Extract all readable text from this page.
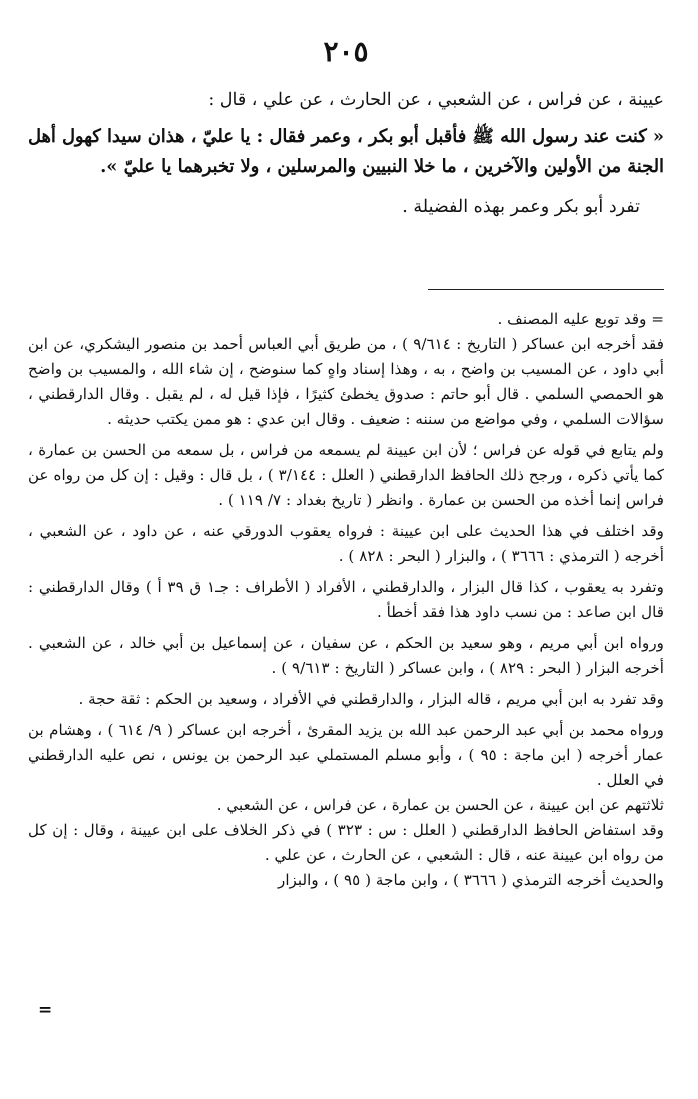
٢٠٥

عيينة ، عن فراس ، عن الشعبي ، عن الحارث ، عن علي ، قال :

« كنت عند رسول الله ﷺ فأقبل أبو بكر ، وعمر فقال : يا عليّ ، هذان سيدا كهول أهل الجنة من الأولين والآخرين ، ما خلا النبيين والمرسلين ، ولا تخبرهما يا عليّ ».

تفرد أبو بكر وعمر بهذه الفضيلة .

= وقد توبع عليه المصنف .

فقد أخرجه ابن عساكر ( التاريخ : ٩/٦١٤ ) ، من طريق أبي العباس أحمد بن منصور اليشكري، عن ابن أبي داود ، عن المسيب بن واضح ، به ، وهذا إسناد واهٍ كما سنوضح ، إن شاء الله ، والمسيب بن واضح هو الحمصي السلمي . قال أبو حاتم : صدوق يخطئ كثيرًا ، فإذا قيل له ، لم يقبل . وقال الدارقطني ، سؤالات السلمي ، وفي مواضع من سننه : ضعيف . وقال ابن عدي : هو ممن يكتب حديثه .

ولم يتابع في قوله عن فراس ؛ لأن ابن عيينة لم يسمعه من فراس ، بل سمعه من الحسن بن عمارة ، كما يأتي ذكره ، ورجح ذلك الحافظ الدارقطني ( العلل : ٣/١٤٤ ) ، بل قال : وقيل : إن كل من رواه عن فراس إنما أخذه من الحسن بن عمارة . وانظر ( تاريخ بغداد : ٧/ ١١٩ ) .

وقد اختلف في هذا الحديث على ابن عيينة : فرواه يعقوب الدورقي عنه ، عن داود ، عن الشعبي ، أخرجه ( الترمذي : ٣٦٦٦ ) ، والبزار ( البحر : ٨٢٨ ) .

وتفرد به يعقوب ، كذا قال البزار ، والدارقطني ، الأفراد ( الأطراف : جـ١ ق ٣٩ أ ) وقال الدارقطني : قال ابن صاعد : من نسب داود هذا فقد أخطأ .

ورواه ابن أبي مريم ، وهو سعيد بن الحكم ، عن سفيان ، عن إسماعيل بن أبي خالد ، عن الشعبي . أخرجه البزار ( البحر : ٨٢٩ ) ، وابن عساكر ( التاريخ : ٩/٦١٣ ) .

وقد تفرد به ابن أبي مريم ، قاله البزار ، والدارقطني في الأفراد ، وسعيد بن الحكم : ثقة حجة .

ورواه محمد بن أبي عبد الرحمن عبد الله بن يزيد المقرئ ، أخرجه ابن عساكر ( ٩/ ٦١٤ ) ، وهشام بن عمار أخرجه ( ابن ماجة : ٩٥ ) ، وأبو مسلم المستملي عبد الرحمن بن يونس ، نص عليه الدارقطني في العلل .

ثلاثتهم عن ابن عيينة ، عن الحسن بن عمارة ، عن فراس ، عن الشعبي .

وقد استفاض الحافظ الدارقطني ( العلل : س : ٣٢٣ ) في ذكر الخلاف على ابن عيينة ، وقال : إن كل من رواه ابن عيينة عنه ، قال : الشعبي ، عن الحارث ، عن علي .

والحديث أخرجه الترمذي ( ٣٦٦٦ ) ، وابن ماجة ( ٩٥ ) ، والبزار

=
